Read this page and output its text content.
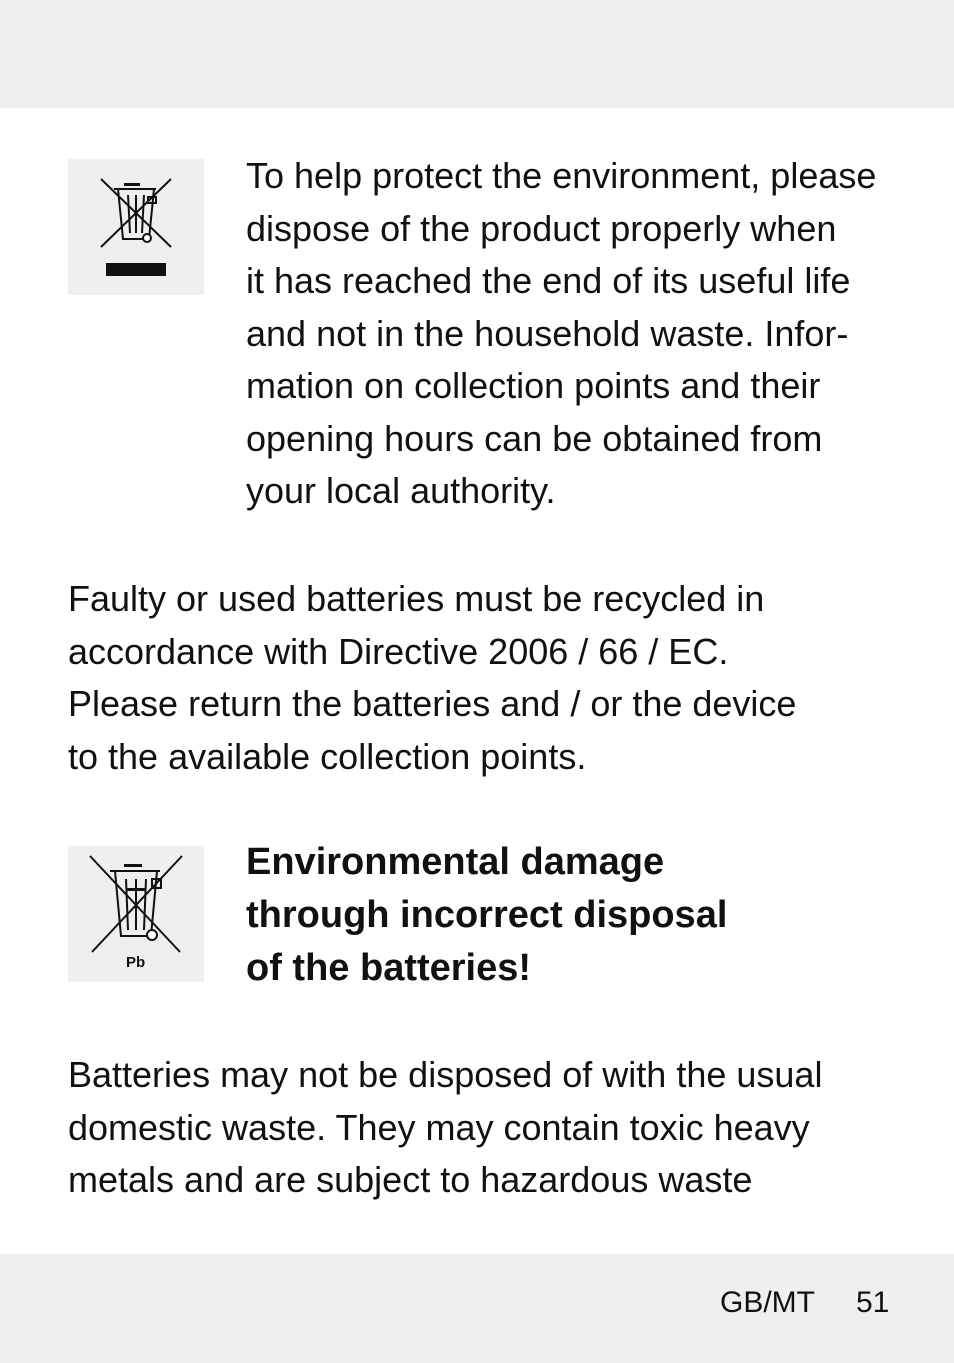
To help protect the environment, please
dispose of the product properly when
it has reached the end of its useful life
and not in the household waste. Infor-
mation on collection points and their
opening hours can be obtained from
your local authority.
Faulty or used batteries must be recycled in
accordance with Directive 2006 / 66 / EC.
Please return the batteries and / or the device
to the available collection points.
Pb
Environmental damage
through incorrect disposal
of the batteries!
Batteries may not be disposed of with the usual
domestic waste. They may contain toxic heavy
metals and are subject to hazardous waste
GB/MT 51
